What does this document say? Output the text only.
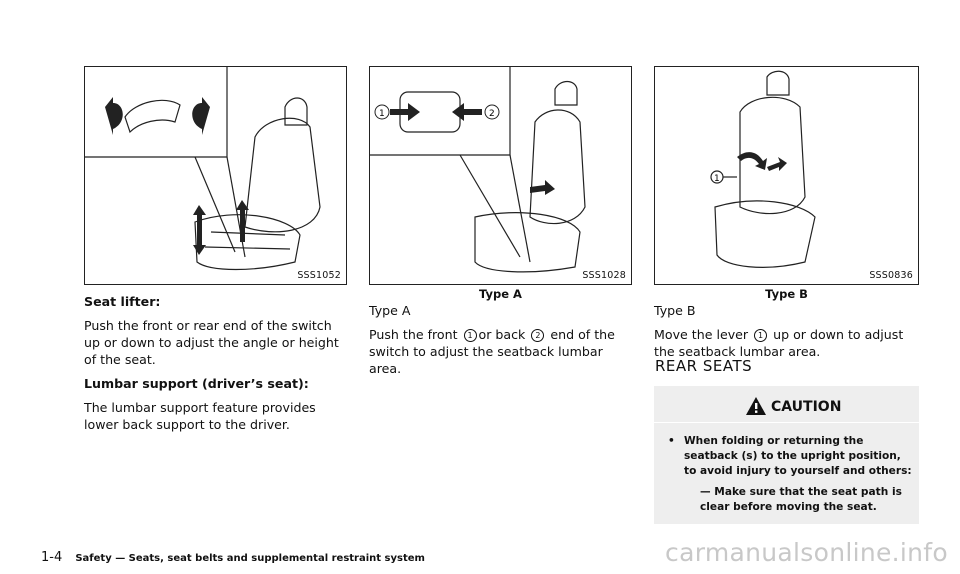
SSS1052
1	2
SSS1028
1
SSS0836

Seat lifter:

Push the front or rear end of the switch up or down to adjust the angle or height of the seat.

Lumbar support (driver’s seat):

The lumbar support feature provides lower back support to the driver.

Type A

Type A

Push the front 1 or back 2 end of the switch to adjust the seatback lumbar area.

Type B

Type B

Move the lever 1 up or down to adjust the seatback lumbar area.

REAR SEATS
CAUTION
• When folding or returning the seatback (s) to the upright position, to avoid injury to yourself and others:
— Make sure that the seat path is clear before moving the seat.
1-4 Safety — Seats, seat belts and supplemental restraint system	carmanualsonline.info
